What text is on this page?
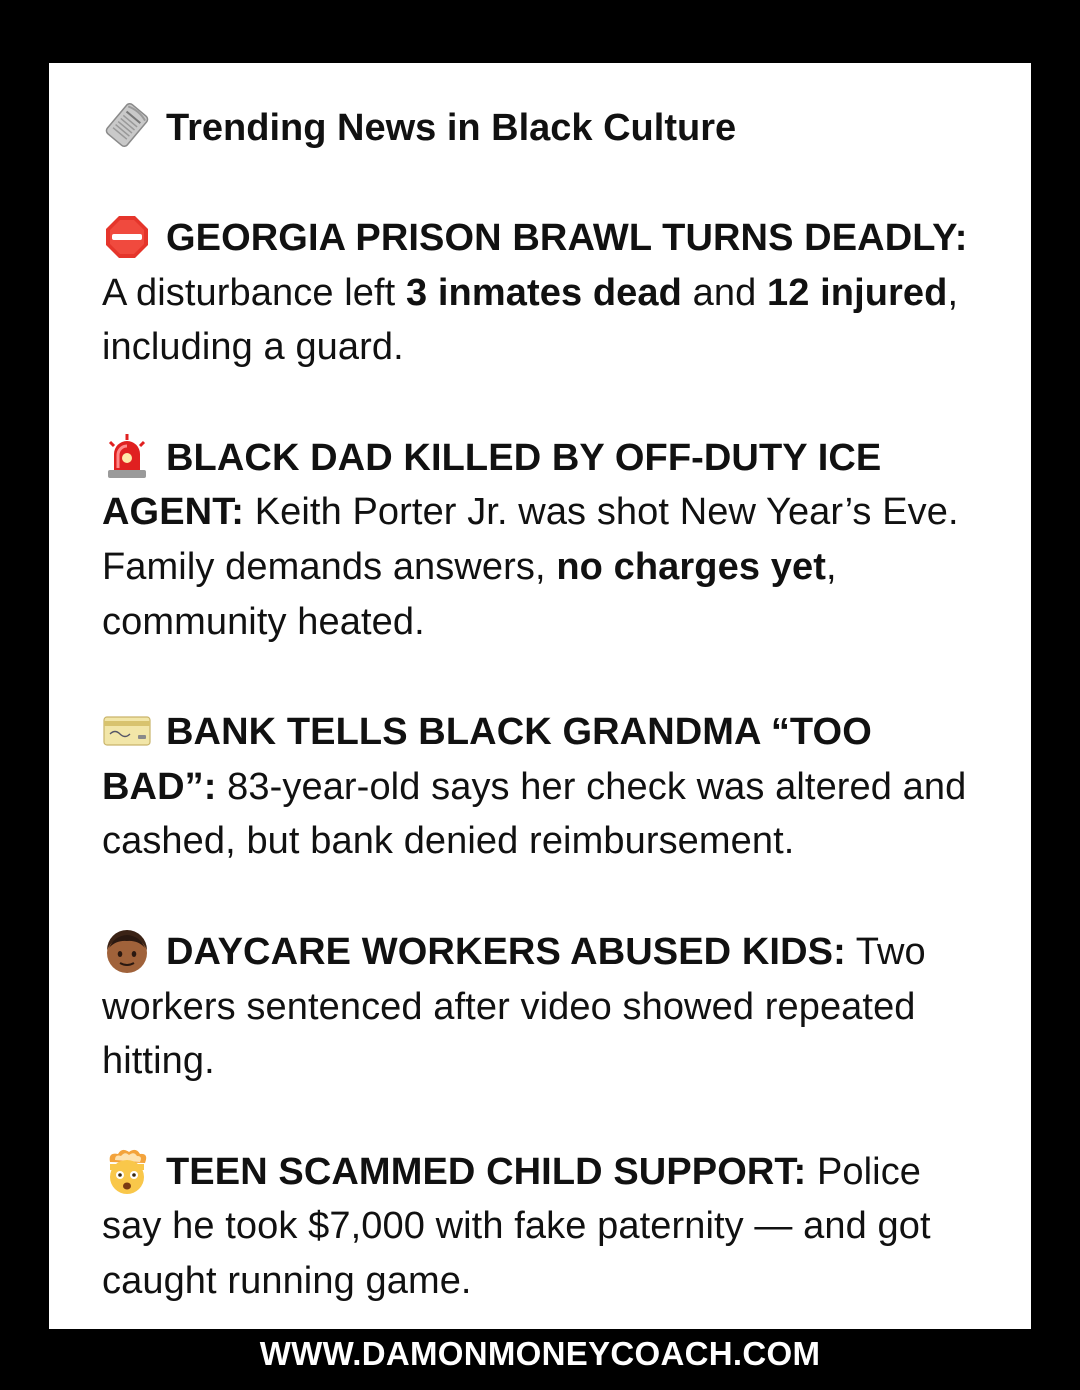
Trending News in Black Culture
GEORGIA PRISON BRAWL TURNS DEADLY: A disturbance left 3 inmates dead and 12 injured, including a guard.
BLACK DAD KILLED BY OFF-DUTY ICE AGENT: Keith Porter Jr. was shot New Year’s Eve. Family demands answers, no charges yet, community heated.
BANK TELLS BLACK GRANDMA “TOO BAD”: 83-year-old says her check was altered and cashed, but bank denied reimbursement.
DAYCARE WORKERS ABUSED KIDS: Two workers sentenced after video showed repeated hitting.
TEEN SCAMMED CHILD SUPPORT: Police say he took $7,000 with fake paternity — and got caught running game.
WWW.DAMONMONEYCOACH.COM
